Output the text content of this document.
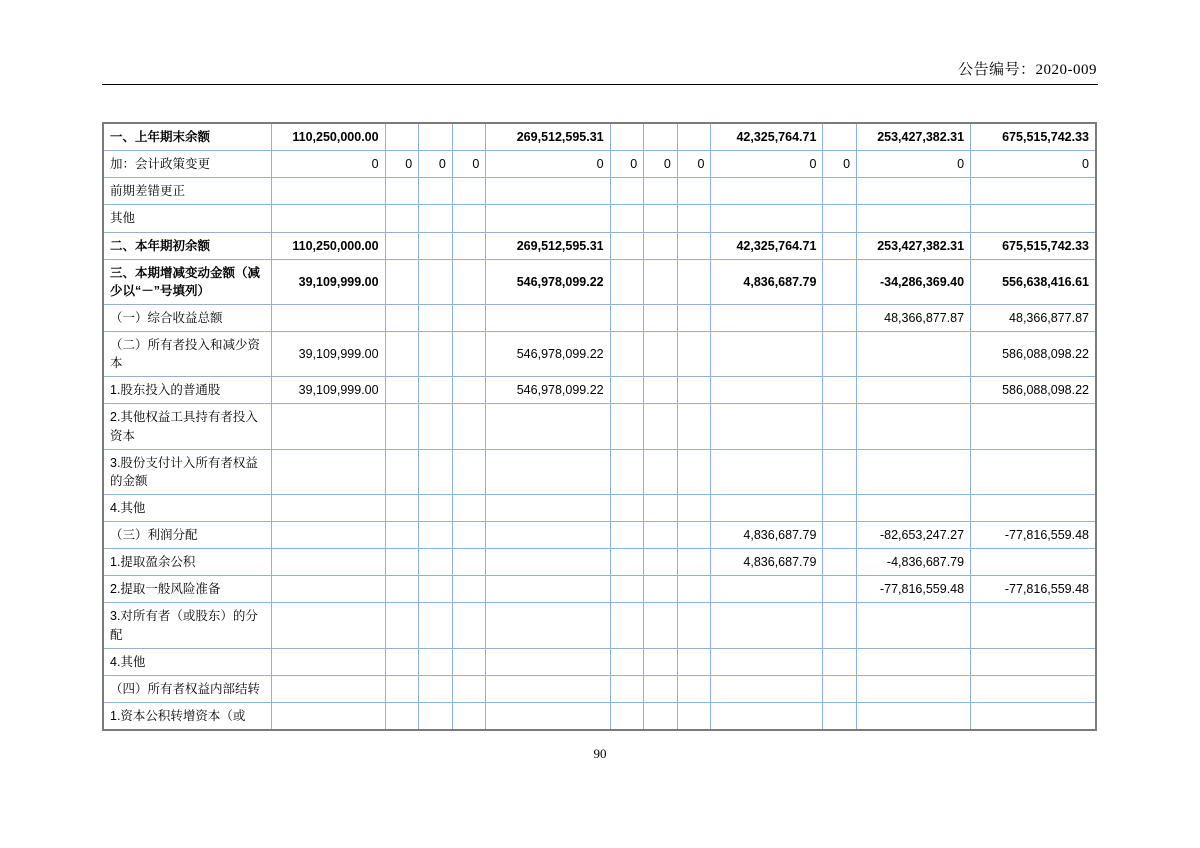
公告编号：2020-009
一、上年期末余额	110,250,000.00				269,512,595.31				42,325,764.71		253,427,382.31	675,515,742.33
加：会计政策变更	0	0	0	0	0	0	0	0	0	0	0	0
前期差错更正												
其他												
二、本年期初余额	110,250,000.00				269,512,595.31				42,325,764.71		253,427,382.31	675,515,742.33
三、本期增减变动金额（减少以“－”号填列）	39,109,999.00				546,978,099.22				4,836,687.79		-34,286,369.40	556,638,416.61
（一）综合收益总额											48,366,877.87	48,366,877.87
（二）所有者投入和减少资本	39,109,999.00				546,978,099.22							586,088,098.22
1.股东投入的普通股	39,109,999.00				546,978,099.22							586,088,098.22
2.其他权益工具持有者投入资本												
3.股份支付计入所有者权益的金额												
4.其他												
（三）利润分配									4,836,687.79		-82,653,247.27	-77,816,559.48
1.提取盈余公积									4,836,687.79		-4,836,687.79	
2.提取一般风险准备											-77,816,559.48	-77,816,559.48
3.对所有者（或股东）的分配												
4.其他												
（四）所有者权益内部结转												
1.资本公积转增资本（或												
90
